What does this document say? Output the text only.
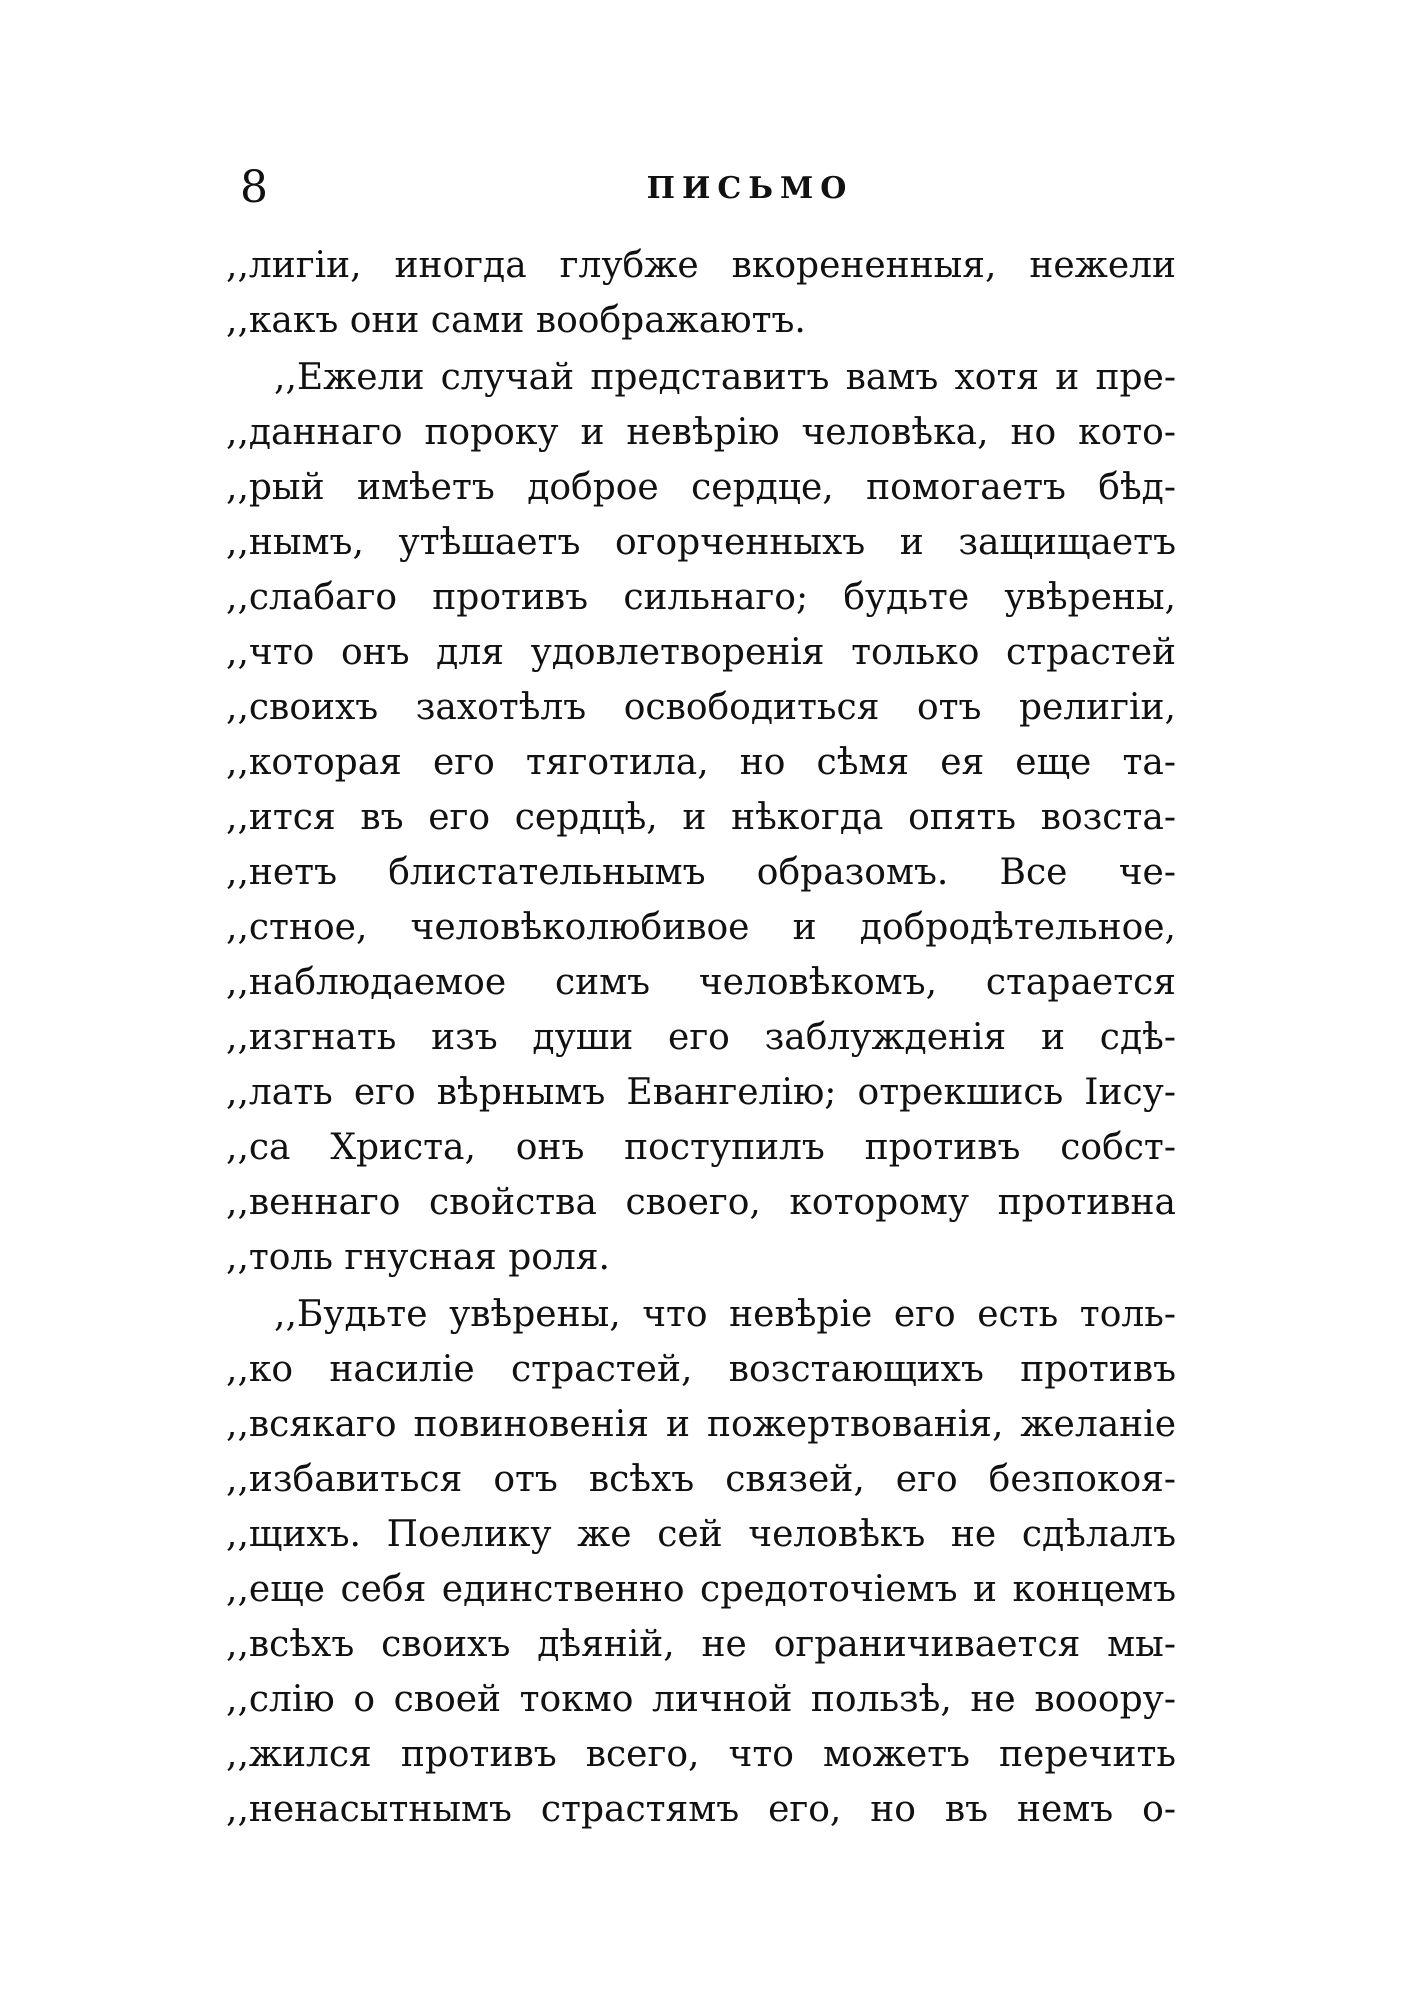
8	ПИСЬМО
,,лигіи, иногда глубже вкорененныя, нежели
,,какъ они сами воображаютъ.
,,Ежели случай представитъ вамъ хотя и пре-
,,даннаго пороку и невѣрію человѣка, но кото-
,,рый имѣетъ доброе сердце, помогаетъ бѣд-
,,нымъ, утѣшаетъ огорченныхъ и защищаетъ
,,слабаго противъ сильнаго; будьте увѣрены,
,,что онъ для удовлетворенія только страстей
,,своихъ захотѣлъ освободиться отъ религіи,
,,которая его тяготила, но сѣмя ея еще та-
,,ится въ его сердцѣ, и нѣкогда опять возста-
,,нетъ блистательнымъ образомъ. Все че-
,,стное, человѣколюбивое и добродѣтельное,
,,наблюдаемое симъ человѣкомъ, старается
,,изгнать изъ души его заблужденія и сдѣ-
,,лать его вѣрнымъ Евангелію; отрекшись Іису-
,,са Христа, онъ поступилъ противъ собст-
,,веннаго свойства своего, которому противна
,,толь гнусная роля.
,,Будьте увѣрены, что невѣріе его есть толь-
,,ко насиліе страстей, возстающихъ противъ
,,всякаго повиновенія и пожертвованія, желаніе
,,избавиться отъ всѣхъ связей, его безпокоя-
,,щихъ. Поелику же сей человѣкъ не сдѣлалъ
,,еще себя единственно средоточіемъ и концемъ
,,всѣхъ своихъ дѣяній, не ограничивается мы-
,,слію о своей токмо личной пользѣ, не вооору-
,,жился противъ всего, что можетъ перечить
,,ненасытнымъ страстямъ его, но въ немъ о-
